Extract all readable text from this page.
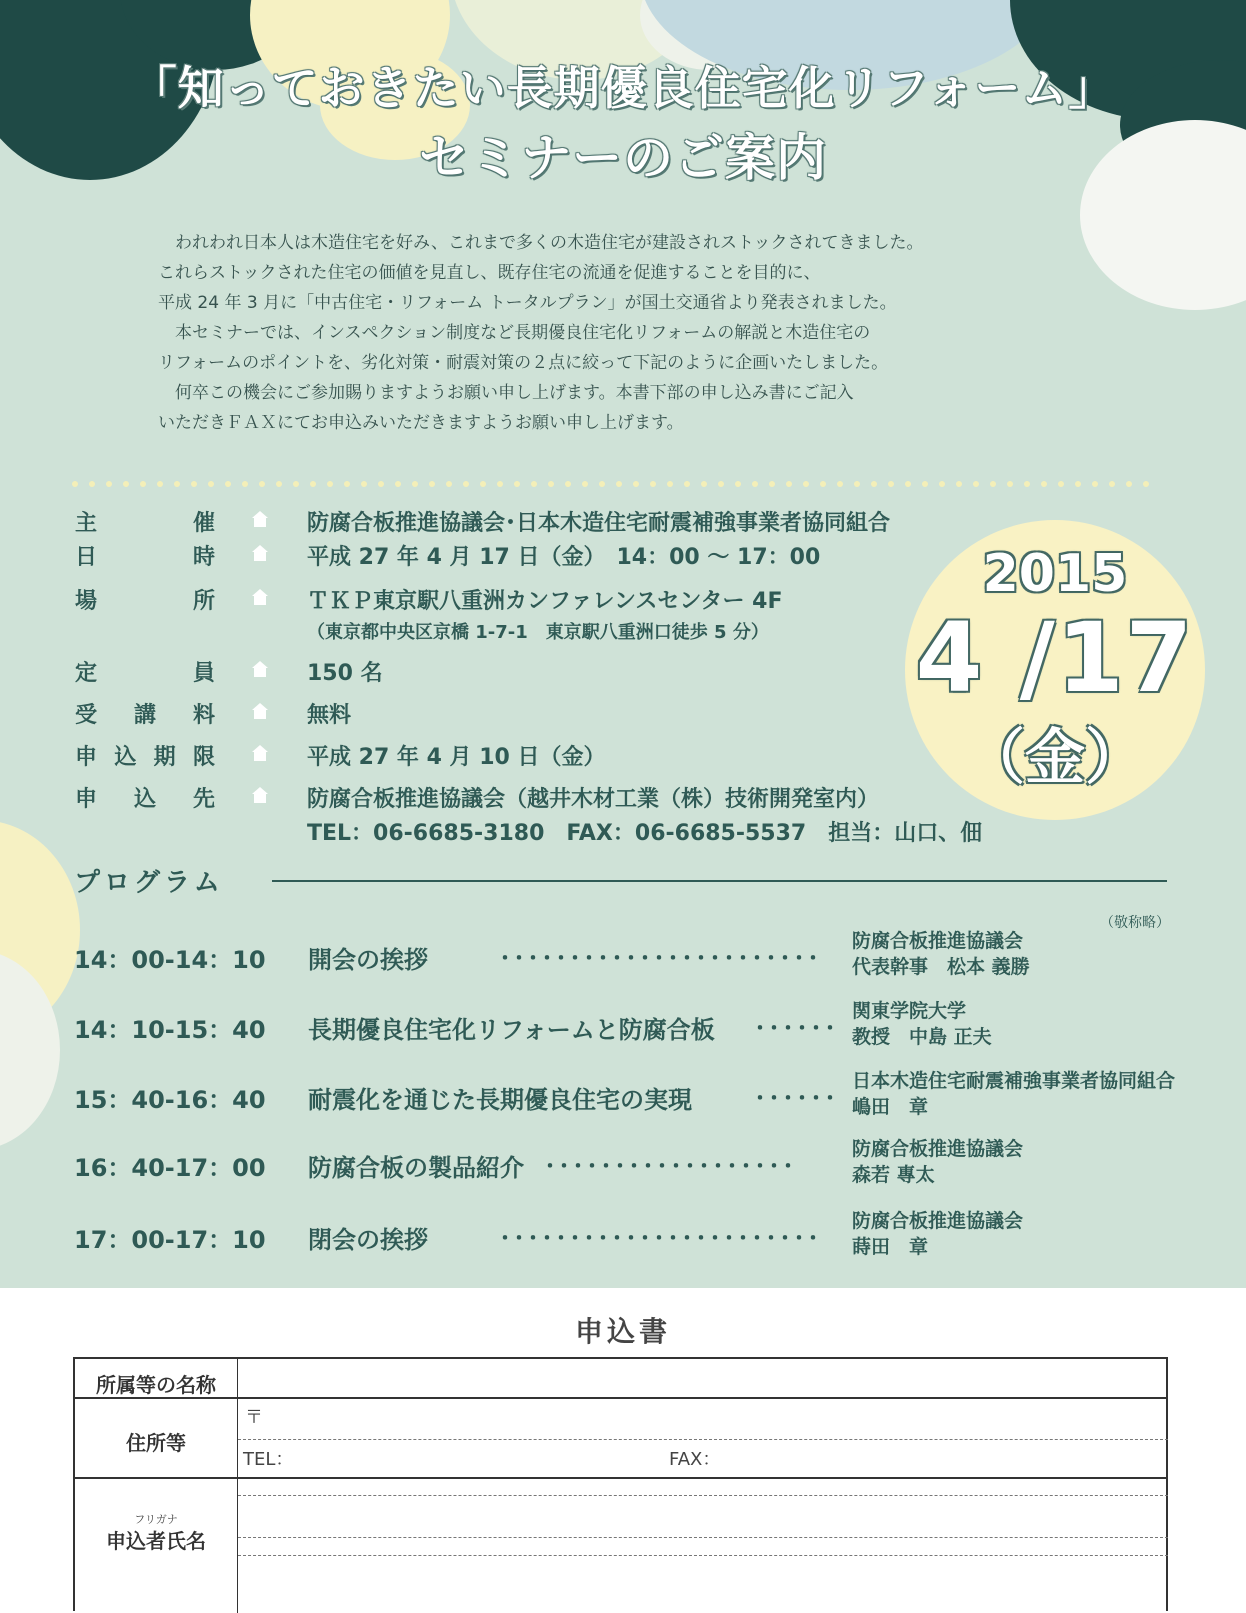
「知っておきたい長期優良住宅化リフォーム」
セミナーのご案内

　われわれ日本人は木造住宅を好み、これまで多くの木造住宅が建設されストックされてきました。

これらストックされた住宅の価値を見直し、既存住宅の流通を促進することを目的に、

平成 24 年 3 月に「中古住宅・リフォーム トータルプラン」が国土交通省より発表されました。

　本セミナーでは、インスペクション制度など長期優良住宅化リフォームの解説と木造住宅の

リフォームのポイントを、劣化対策・耐震対策の２点に絞って下記のように企画いたしました。

　何卒この機会にご参加賜りますようお願い申し上げます。本書下部の申し込み書にご記入

いただきＦＡＸにてお申込みいただきますようお願い申し上げます。

2015
4 /17
（金）
主	催	防腐合板推進協議会･日本木造住宅耐震補強事業者協同組合
日	時	平成 27 年 4 月 17 日（金）　14：00 ～ 17：00
場	所	ＴＫＰ東京駅八重洲カンファレンスセンター 4F
（東京都中央区京橋 1-7-1　東京駅八重洲口徒歩 5 分）
定	員	150 名
受 講 料	無料
申 込 期 限	平成 27 年 4 月 10 日（金）
申 込 先	防腐合板推進協議会（越井木材工業（株）技術開発室内）
TEL：06-6685-3180　FAX：06-6685-5537　担当：山口、佃
プログラム
（敬称略）
14：00-14：10 開会の挨拶	･･･････････････････････
防腐合板推進協議会
代表幹事　松本 義勝
14：10-15：40 長期優良住宅化リフォームと防腐合板 ･･････
関東学院大学
教授　中島 正夫
15：40-16：40 耐震化を通じた長期優良住宅の実現	･･････
日本木造住宅耐震補強事業者協同組合
嶋田　章
16：40-17：00 防腐合板の製品紹介 ･･････････････････
防腐合板推進協議会
森若 專太
17：00-17：10 閉会の挨拶	･･･････････････････････
防腐合板推進協議会
蒔田　章
申込書
所属等の名称
住所等
〒
TEL：	FAX：
フリガナ
申込者氏名
